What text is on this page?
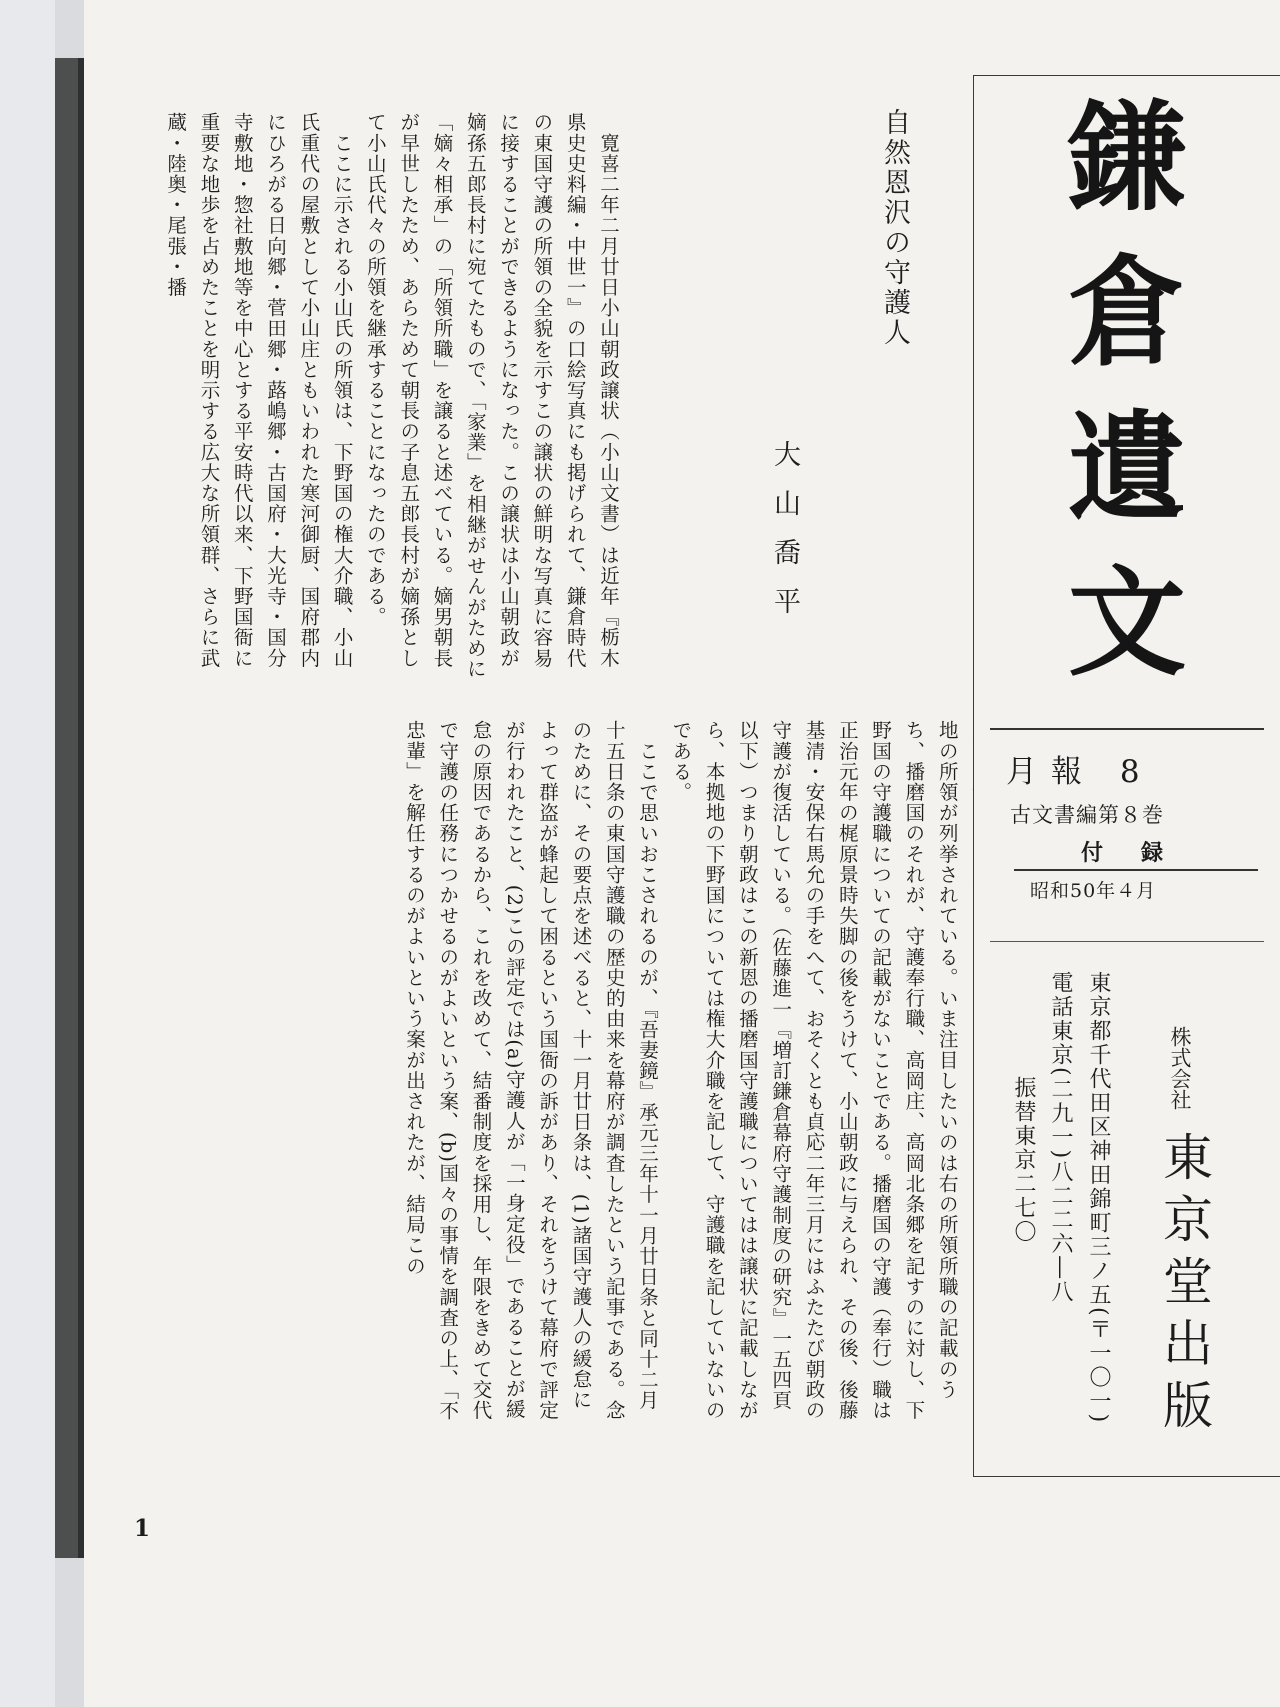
自然恩沢の守護人
大山喬平
　寛喜二年二月廿日小山朝政譲状（小山文書）は近年『栃木県史史料編・中世一』の口絵写真にも掲げられて、鎌倉時代の東国守護の所領の全貌を示すこの譲状の鮮明な写真に容易に接することができるようになった。この譲状は小山朝政が嫡孫五郎長村に宛てたもので、「家業」を相継がせんがために「嫡々相承」の「所領所職」を譲ると述べている。嫡男朝長が早世したため、あらためて朝長の子息五郎長村が嫡孫として小山氏代々の所領を継承することになったのである。
　ここに示される小山氏の所領は、下野国の権大介職、小山氏重代の屋敷として小山庄ともいわれた寒河御厨、国府郡内にひろがる日向郷・菅田郷・蕗嶋郷・古国府・大光寺・国分寺敷地・惣社敷地等を中心とする平安時代以来、下野国衙に重要な地歩を占めたことを明示する広大な所領群、さらに武蔵・陸奥・尾張・播
地の所領が列挙されている。いま注目したいのは右の所領所職の記載のうち、播磨国のそれが、守護奉行職、高岡庄、高岡北条郷を記すのに対し、下野国の守護職についての記載がないことである。播磨国の守護（奉行）職は正治元年の梶原景時失脚の後をうけて、小山朝政に与えられ、その後、後藤基清・安保右馬允の手をへて、おそくとも貞応二年三月にはふたたび朝政の守護が復活している。（佐藤進一『増訂鎌倉幕府守護制度の研究』一五四頁以下）つまり朝政はこの新恩の播磨国守護職についてはは譲状に記載しながら、本拠地の下野国については権大介職を記して、守護職を記していないのである。
　ここで思いおこされるのが、『吾妻鏡』承元三年十一月廿日条と同十二月十五日条の東国守護職の歴史的由来を幕府が調査したという記事である。念のために、その要点を述べると、十一月廿日条は、(1)諸国守護人の緩怠によって群盗が蜂起して困るという国衙の訴があり、それをうけて幕府で評定が行われたこと、(2)この評定では(a)守護人が「一身定役」であることが緩怠の原因であるから、これを改めて、結番制度を採用し、年限をきめて交代で守護の任務につかせるのがよいという案、(b)国々の事情を調査の上、「不忠輩」を解任するのがよいという案が出されたが、結局この
鎌
倉
遺
文
月報 8
古文書編第８巻
付録
昭和50年４月
株式会社
東京堂出版
東京都千代田区神田錦町三ノ五(〒一〇一)
電話東京(二九一)八二二六―八
振替東京二七〇
1
